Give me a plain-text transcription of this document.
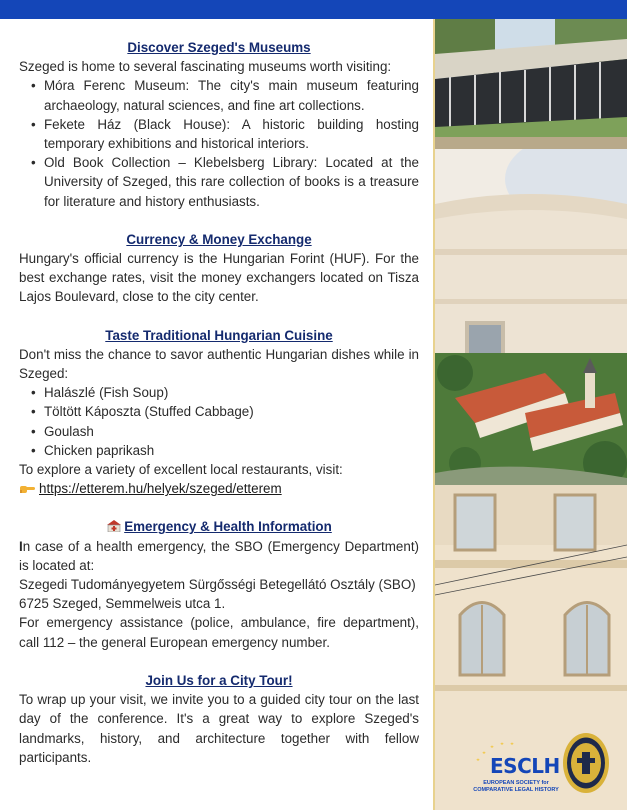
Discover Szeged's Museums

Szeged is home to several fascinating museums worth visiting:

• Móra Ferenc Museum: The city's main museum featuring archaeology, natural sciences, and fine art collections.
• Fekete Ház (Black House): A historic building hosting temporary exhibitions and historical interiors.
• Old Book Collection – Klebelsberg Library: Located at the University of Szeged, this rare collection of books is a treasure for literature and history enthusiasts.
Currency & Money Exchange

Hungary's official currency is the Hungarian Forint (HUF). For the best exchange rates, visit the money exchangers located on Tisza Lajos Boulevard, close to the city center.

Taste Traditional Hungarian Cuisine

Don't miss the chance to savor authentic Hungarian dishes while in Szeged:

• Halászlé (Fish Soup)
• Töltött Káposzta (Stuffed Cabbage)
• Goulash
• Chicken paprikash

To explore a variety of excellent local restaurants, visit:

https://etterem.hu/helyek/szeged/etterem

Emergency & Health Information

In case of a health emergency, the SBO (Emergency Department) is located at:

Szegedi Tudományegyetem Sürgősségi Betegellátó Osztály (SBO)

6725 Szeged, Semmelweis utca 1.

For emergency assistance (police, ambulance, fire department), call 112 – the general European emergency number.

Join Us for a City Tour!

To wrap up your visit, we invite you to a guided city tour on the last day of the conference. It's a great way to explore Szeged's landmarks, history, and architecture together with fellow participants.	ESCLH
EUROPEAN SOCIETY for COMPARATIVE LEGAL HISTORY
